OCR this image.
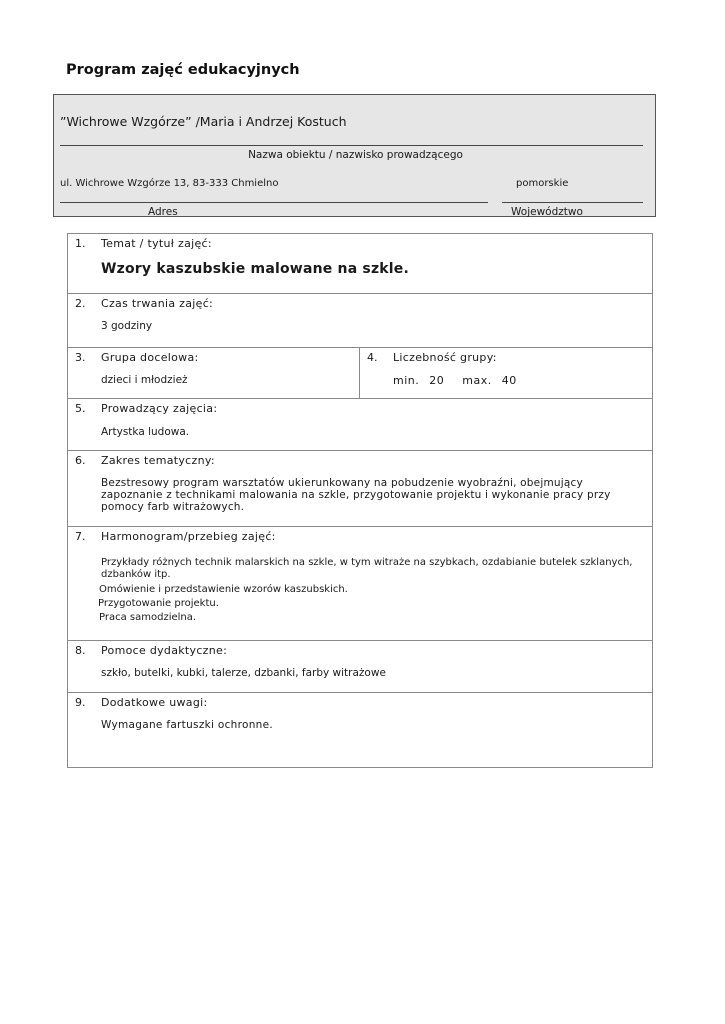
Program zajęć edukacyjnych
”Wichrowe Wzgórze” /Maria i Andrzej Kostuch
Nazwa obiektu / nazwisko prowadzącego
ul. Wichrowe Wzgórze 13, 83-333 Chmielno	pomorskie
Adres	Województwo
1. Temat / tytuł zajęć:
Wzory kaszubskie malowane na szkle.
2. Czas trwania zajęć:
3 godziny
3. Grupa docelowa:
dzieci i młodzież
4. Liczebność grupy:
min. 20 max. 40
5. Prowadzący zajęcia:
Artystka ludowa.
6. Zakres tematyczny:
Bezstresowy program warsztatów ukierunkowany na pobudzenie wyobraźni, obejmujący zapoznanie z technikami malowania na szkle, przygotowanie projektu i wykonanie pracy przy pomocy farb witrażowych.
7. Harmonogram/przebieg zajęć:
Przykłady różnych technik malarskich na szkle, w tym witraże na szybkach, ozdabianie butelek szklanych, dzbanków itp.
Omówienie i przedstawienie wzorów kaszubskich.
Przygotowanie projektu.
Praca samodzielna.
8. Pomoce dydaktyczne:
szkło, butelki, kubki, talerze, dzbanki, farby witrażowe
9. Dodatkowe uwagi:
Wymagane fartuszki ochronne.
